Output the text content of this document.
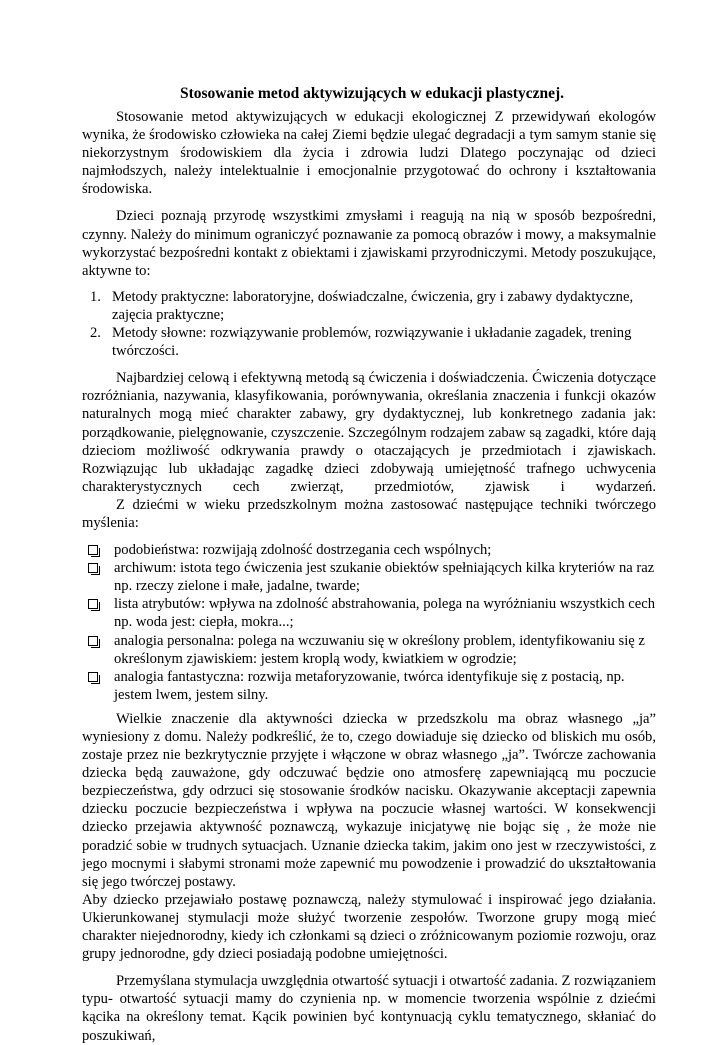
Stosowanie metod aktywizujących w edukacji plastycznej.

Stosowanie metod aktywizujących w edukacji ekologicznej Z przewidywań ekologów wynika, że środowisko człowieka na całej Ziemi będzie ulegać degradacji a tym samym stanie się niekorzystnym środowiskiem dla życia i zdrowia ludzi Dlatego poczynając od dzieci najmłodszych, należy intelektualnie i emocjonalnie przygotować do ochrony i kształtowania środowiska.

Dzieci poznają przyrodę wszystkimi zmysłami i reagują na nią w sposób bezpośredni, czynny. Należy do minimum ograniczyć poznawanie za pomocą obrazów i mowy, a maksymalnie wykorzystać bezpośredni kontakt z obiektami i zjawiskami przyrodniczymi. Metody poszukujące, aktywne to:

1. Metody praktyczne: laboratoryjne, doświadczalne, ćwiczenia, gry i zabawy dydaktyczne, zajęcia praktyczne;
2. Metody słowne: rozwiązywanie problemów, rozwiązywanie i układanie zagadek, trening twórczości.

Najbardziej celową i efektywną metodą są ćwiczenia i doświadczenia. Ćwiczenia dotyczące rozróżniania, nazywania, klasyfikowania, porównywania, określania znaczenia i funkcji okazów naturalnych mogą mieć charakter zabawy, gry dydaktycznej, lub konkretnego zadania jak: porządkowanie, pielęgnowanie, czyszczenie. Szczególnym rodzajem zabaw są zagadki, które dają dzieciom możliwość odkrywania prawdy o otaczających je przedmiotach i zjawiskach. Rozwiązując lub układając zagadkę dzieci zdobywają umiejętność trafnego uchwycenia charakterystycznych cech zwierząt, przedmiotów, zjawisk i wydarzeń.

Z dziećmi w wieku przedszkolnym można zastosować następujące techniki twórczego myślenia:

podobieństwa: rozwijają zdolność dostrzegania cech wspólnych;
archiwum: istota tego ćwiczenia jest szukanie obiektów spełniających kilka kryteriów na raz np. rzeczy zielone i małe, jadalne, twarde;
lista atrybutów: wpływa na zdolność abstrahowania, polega na wyróżnianiu wszystkich cech np. woda jest: ciepła, mokra...;
analogia personalna: polega na wczuwaniu się w określony problem, identyfikowaniu się z określonym zjawiskiem: jestem kroplą wody, kwiatkiem w ogrodzie;
analogia fantastyczna: rozwija metaforyzowanie, twórca identyfikuje się z postacią, np. jestem lwem, jestem silny.

Wielkie znaczenie dla aktywności dziecka w przedszkolu ma obraz własnego „ja” wyniesiony z domu. Należy podkreślić, że to, czego dowiaduje się dziecko od bliskich mu osób, zostaje przez nie bezkrytycznie przyjęte i włączone w obraz własnego „ja”. Twórcze zachowania dziecka będą zauważone, gdy odczuwać będzie ono atmosferę zapewniającą mu poczucie bezpieczeństwa, gdy odrzuci się stosowanie środków nacisku. Okazywanie akceptacji zapewnia dziecku poczucie bezpieczeństwa i wpływa na poczucie własnej wartości. W konsekwencji dziecko przejawia aktywność poznawczą, wykazuje inicjatywę nie bojąc się , że może nie poradzić sobie w trudnych sytuacjach. Uznanie dziecka takim, jakim ono jest w rzeczywistości, z jego mocnymi i słabymi stronami może zapewnić mu powodzenie i prowadzić do ukształtowania się jego twórczej postawy.

Aby dziecko przejawiało postawę poznawczą, należy stymulować i inspirować jego działania. Ukierunkowanej stymulacji może służyć tworzenie zespołów. Tworzone grupy mogą mieć charakter niejednorodny, kiedy ich członkami są dzieci o zróżnicowanym poziomie rozwoju, oraz grupy jednorodne, gdy dzieci posiadają podobne umiejętności.

Przemyślana stymulacja uwzględnia otwartość sytuacji i otwartość zadania. Z rozwiązaniem typu- otwartość sytuacji mamy do czynienia np. w momencie tworzenia wspólnie z dziećmi kącika na określony temat. Kącik powinien być kontynuacją cyklu tematycznego, skłaniać do poszukiwań,
